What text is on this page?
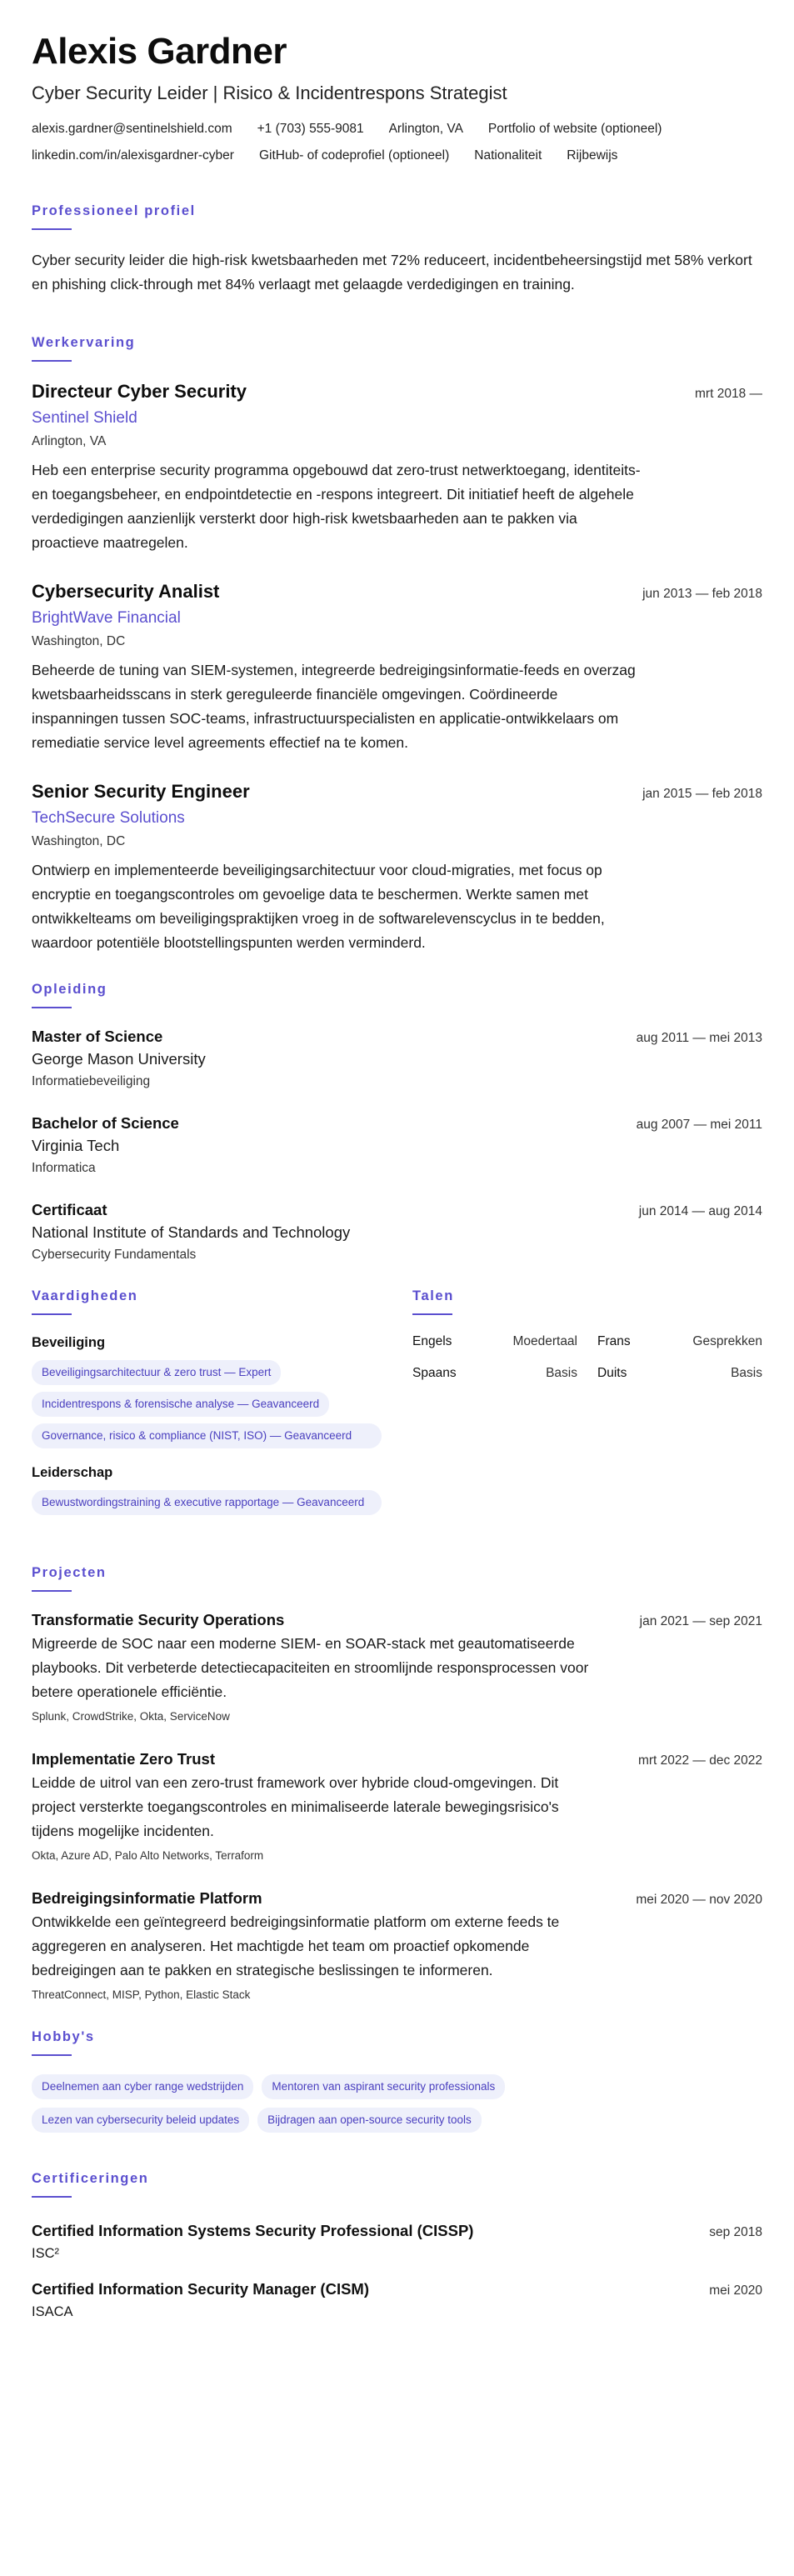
Alexis Gardner
Cyber Security Leider | Risico & Incidentrespons Strategist
alexis.gardner@sentinelshield.com +1 (703) 555-9081 Arlington, VA Portfolio of website (optioneel)
linkedin.com/in/alexisgardner-cyber GitHub- of codeprofiel (optioneel) Nationaliteit Rijbewijs
Professioneel profiel

Cyber security leider die high-risk kwetsbaarheden met 72% reduceert, incidentbeheersingstijd met 58% verkort en phishing click-through met 84% verlaagt met gelaagde verdedigingen en training.

Werkervaring
Directeur Cyber Security	mrt 2018 —
Sentinel Shield
Arlington, VA

Heb een enterprise security programma opgebouwd dat zero-trust netwerktoegang, identiteits- en toegangsbeheer, en endpointdetectie en -respons integreert. Dit initiatief heeft de algehele verdedigingen aanzienlijk versterkt door high-risk kwetsbaarheden aan te pakken via proactieve maatregelen.

Cybersecurity Analist	jun 2013 — feb 2018
BrightWave Financial
Washington, DC

Beheerde de tuning van SIEM-systemen, integreerde bedreigingsinformatie-feeds en overzag kwetsbaarheidsscans in sterk gereguleerde financiële omgevingen. Coördineerde inspanningen tussen SOC-teams, infrastructuurspecialisten en applicatie-ontwikkelaars om remediatie service level agreements effectief na te komen.

Senior Security Engineer	jan 2015 — feb 2018
TechSecure Solutions
Washington, DC

Ontwierp en implementeerde beveiligingsarchitectuur voor cloud-migraties, met focus op encryptie en toegangscontroles om gevoelige data te beschermen. Werkte samen met ontwikkelteams om beveiligingspraktijken vroeg in de softwarelevenscyclus in te bedden, waardoor potentiële blootstellingspunten werden verminderd.

Opleiding
Master of Science	aug 2011 — mei 2013
George Mason University
Informatiebeveiliging
Bachelor of Science	aug 2007 — mei 2011
Virginia Tech
Informatica
Certificaat	jun 2014 — aug 2014
National Institute of Standards and Technology
Cybersecurity Fundamentals
Vaardigheden
Beveiliging
Beveiligingsarchitectuur & zero trust — Expert
Incidentrespons & forensische analyse — Geavanceerd
Governance, risico & compliance (NIST, ISO) — Geavanceerd
Leiderschap
Bewustwordingstraining & executive rapportage — Geavanceerd
Talen
Engels	Moedertaal Frans	Gesprekken
Spaans	Basis Duits	Basis
Projecten
Transformatie Security Operations	jan 2021 — sep 2021

Migreerde de SOC naar een moderne SIEM- en SOAR-stack met geautomatiseerde playbooks. Dit verbeterde detectiecapaciteiten en stroomlijnde responsprocessen voor betere operationele efficiëntie.

Splunk, CrowdStrike, Okta, ServiceNow
Implementatie Zero Trust	mrt 2022 — dec 2022

Leidde de uitrol van een zero-trust framework over hybride cloud-omgevingen. Dit project versterkte toegangscontroles en minimaliseerde laterale bewegingsrisico's tijdens mogelijke incidenten.

Okta, Azure AD, Palo Alto Networks, Terraform
Bedreigingsinformatie Platform	mei 2020 — nov 2020

Ontwikkelde een geïntegreerd bedreigingsinformatie platform om externe feeds te aggregeren en analyseren. Het machtigde het team om proactief opkomende bedreigingen aan te pakken en strategische beslissingen te informeren.

ThreatConnect, MISP, Python, Elastic Stack
Hobby's
Deelnemen aan cyber range wedstrijden	Mentoren van aspirant security professionals
Lezen van cybersecurity beleid updates	Bijdragen aan open-source security tools
Certificeringen
Certified Information Systems Security Professional (CISSP)	sep 2018
ISC²
Certified Information Security Manager (CISM)	mei 2020
ISACA
